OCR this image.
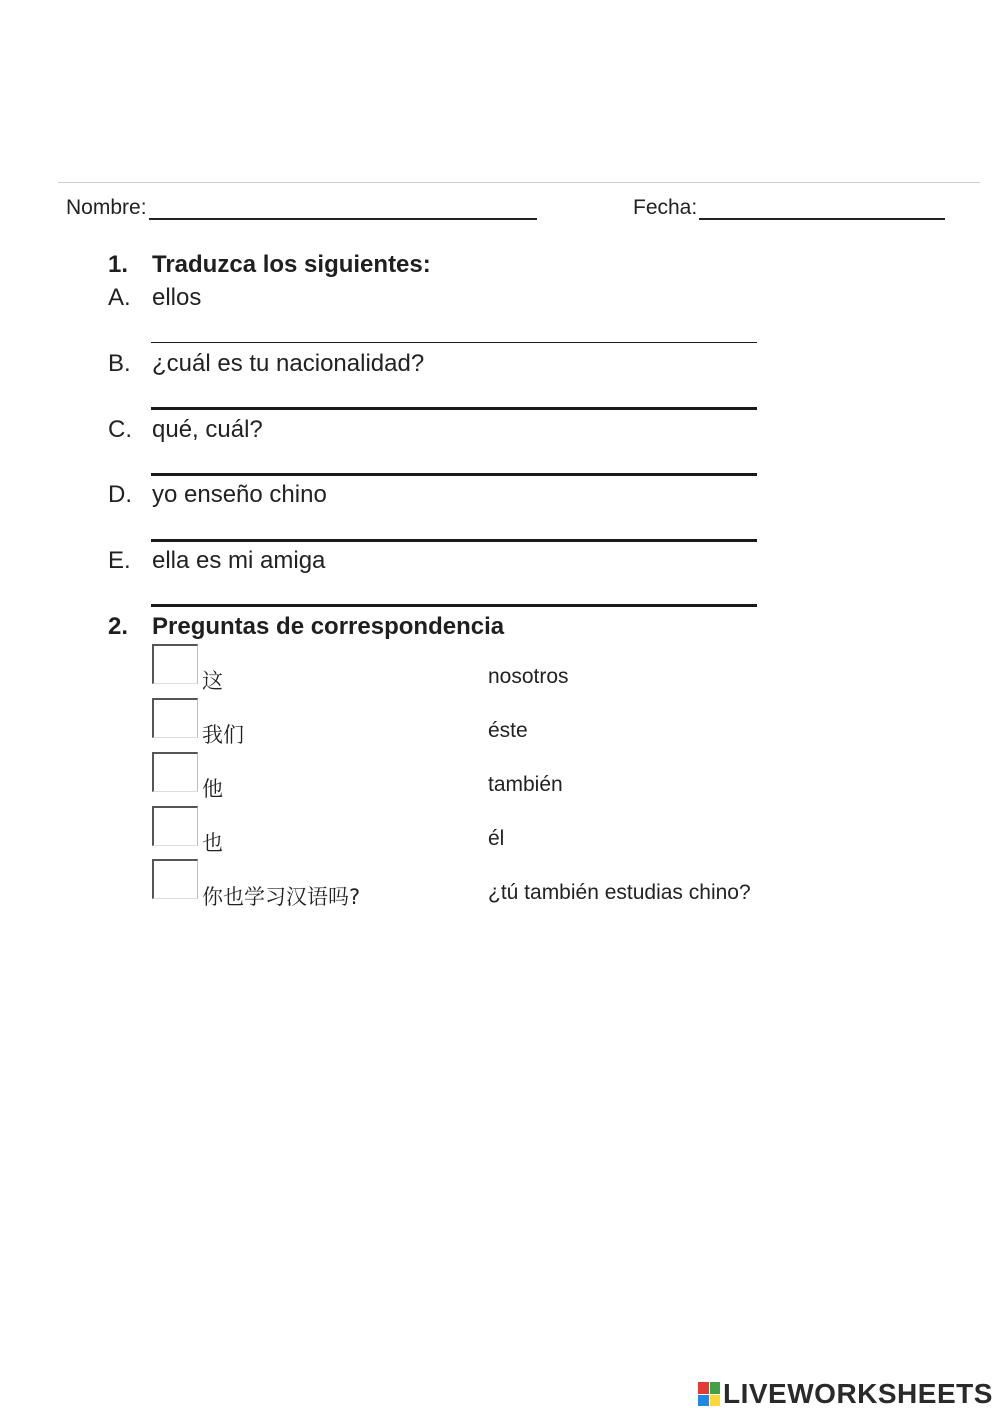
Nombre:	Fecha:
1. Traduzca los siguientes:
A. ellos
B. ¿cuál es tu nacionalidad?
C. qué, cuál?
D. yo enseño chino
E. ella es mi amiga
2. Preguntas de correspondencia
这	nosotros
我们	éste
他	también
也	él
你也学习汉语吗?	¿tú también estudias chino?
LIVEWORKSHEETS
